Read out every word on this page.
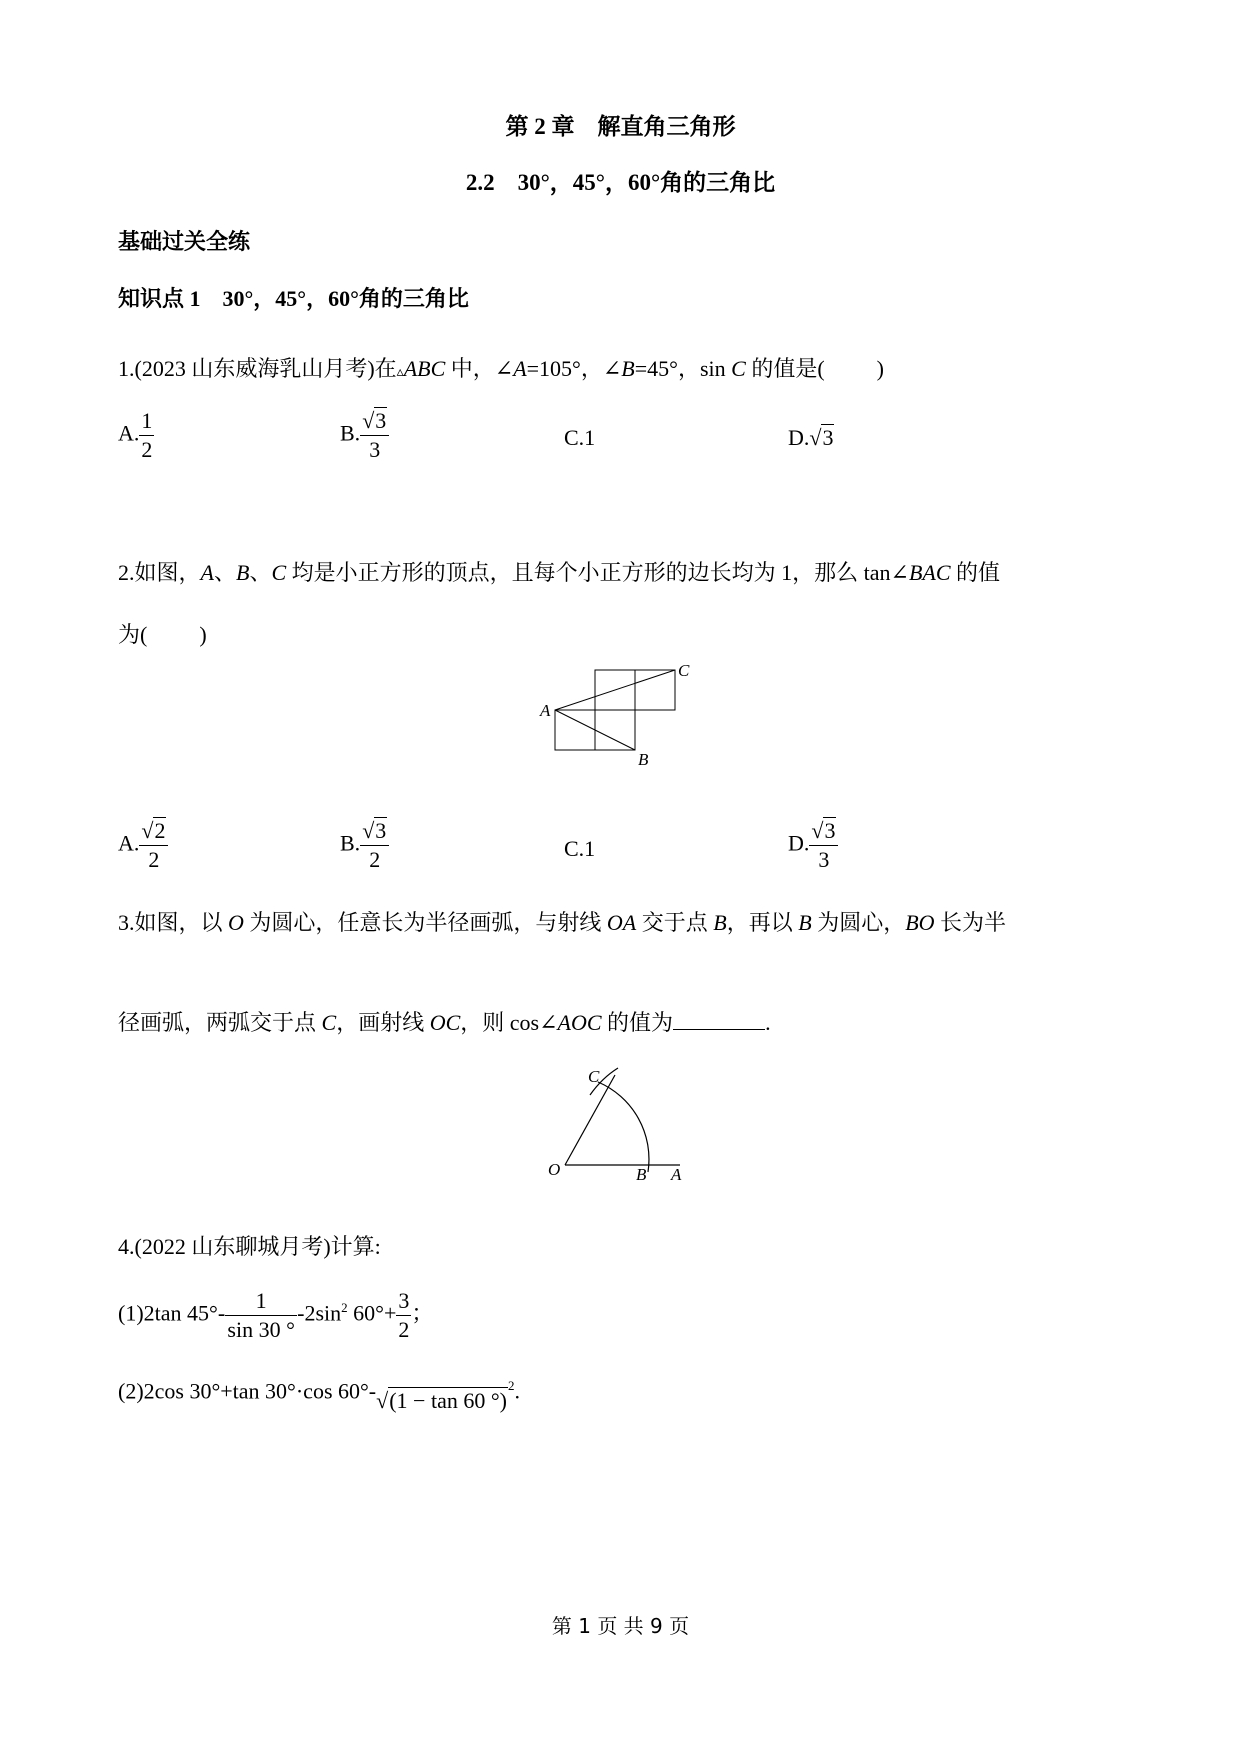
第 2 章　解直角三角形
2.2　30°，45°，60°角的三角比
基础过关全练
知识点 1　30°，45°，60°角的三角比
1.(2023 山东威海乳山月考)在▵ABC 中，∠A=105°，∠B=45°，sin C 的值是( )
A. $\frac{1}{2}$	B. $\frac{√3}{3}$	C.1	D.√3
2.如图，A、B、C 均是小正方形的顶点，且每个小正方形的边长均为 1，那么 tan∠BAC 的值
为( )
A
B
C
A. $\frac{√2}{2}$	B. $\frac{√3}{2}$	C.1	D. $\frac{√3}{3}$
3.如图，以 O 为圆心，任意长为半径画弧，与射线 OA 交于点 B，再以 B 为圆心，BO 长为半
径画弧，两弧交于点 C，画射线 OC，则 cos∠AOC 的值为	.
O	B A
C
4.(2022 山东聊城月考)计算:
(1)2tan $45^\circ- \frac{1}{\sin 30 ^\circ} -2\sin^2$ $60^\circ+ \frac{3}{2}$ ；
(2)2cos 30°+tan 30°·cos 60°-√(1 − tan 60 °)$^2$.
第 1 页 共 9 页
